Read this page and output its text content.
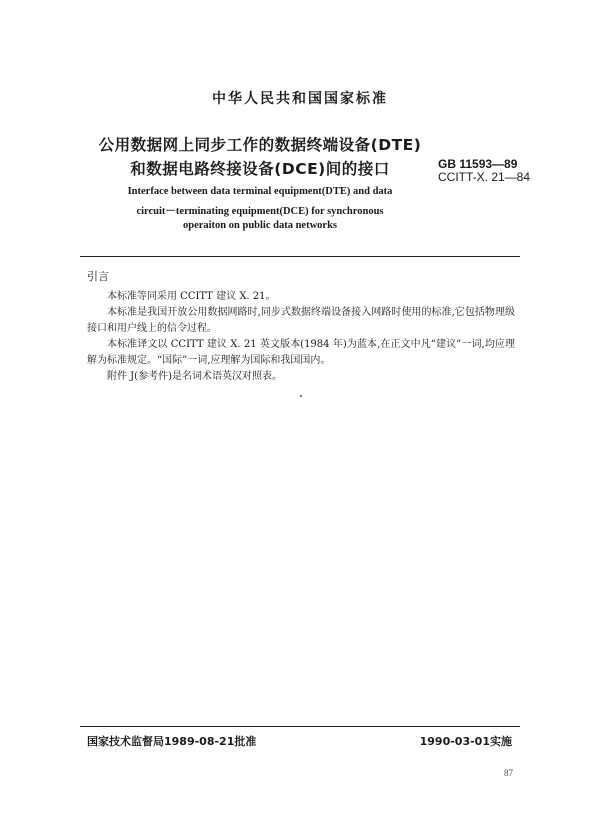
中华人民共和国国家标准
公用数据网上同步工作的数据终端设备(DTE)
和数据电路终接设备(DCE)间的接口	GB 11593—89
CCITT-X. 21—84
Interface between data terminal equipment(DTE) and data
circuit－terminating equipment(DCE) for synchronous
operaiton on public data networks
引言
本标准等同采用 CCITT 建议 X. 21。
本标准是我国开放公用数据网路时,同步式数据终端设备接入网路时使用的标准,它包括物理级接口和用户线上的信令过程。
本标准译文以 CCITT 建议 X. 21 英文版本(1984 年)为蓝本,在正文中凡“建议”一词,均应理解为标准规定。“国际”一词,应理解为国际和我国国内。
附件 J(参考件)是名词术语英汉对照表。
国家技术监督局1989-08-21批准	1990-03-01实施
87
